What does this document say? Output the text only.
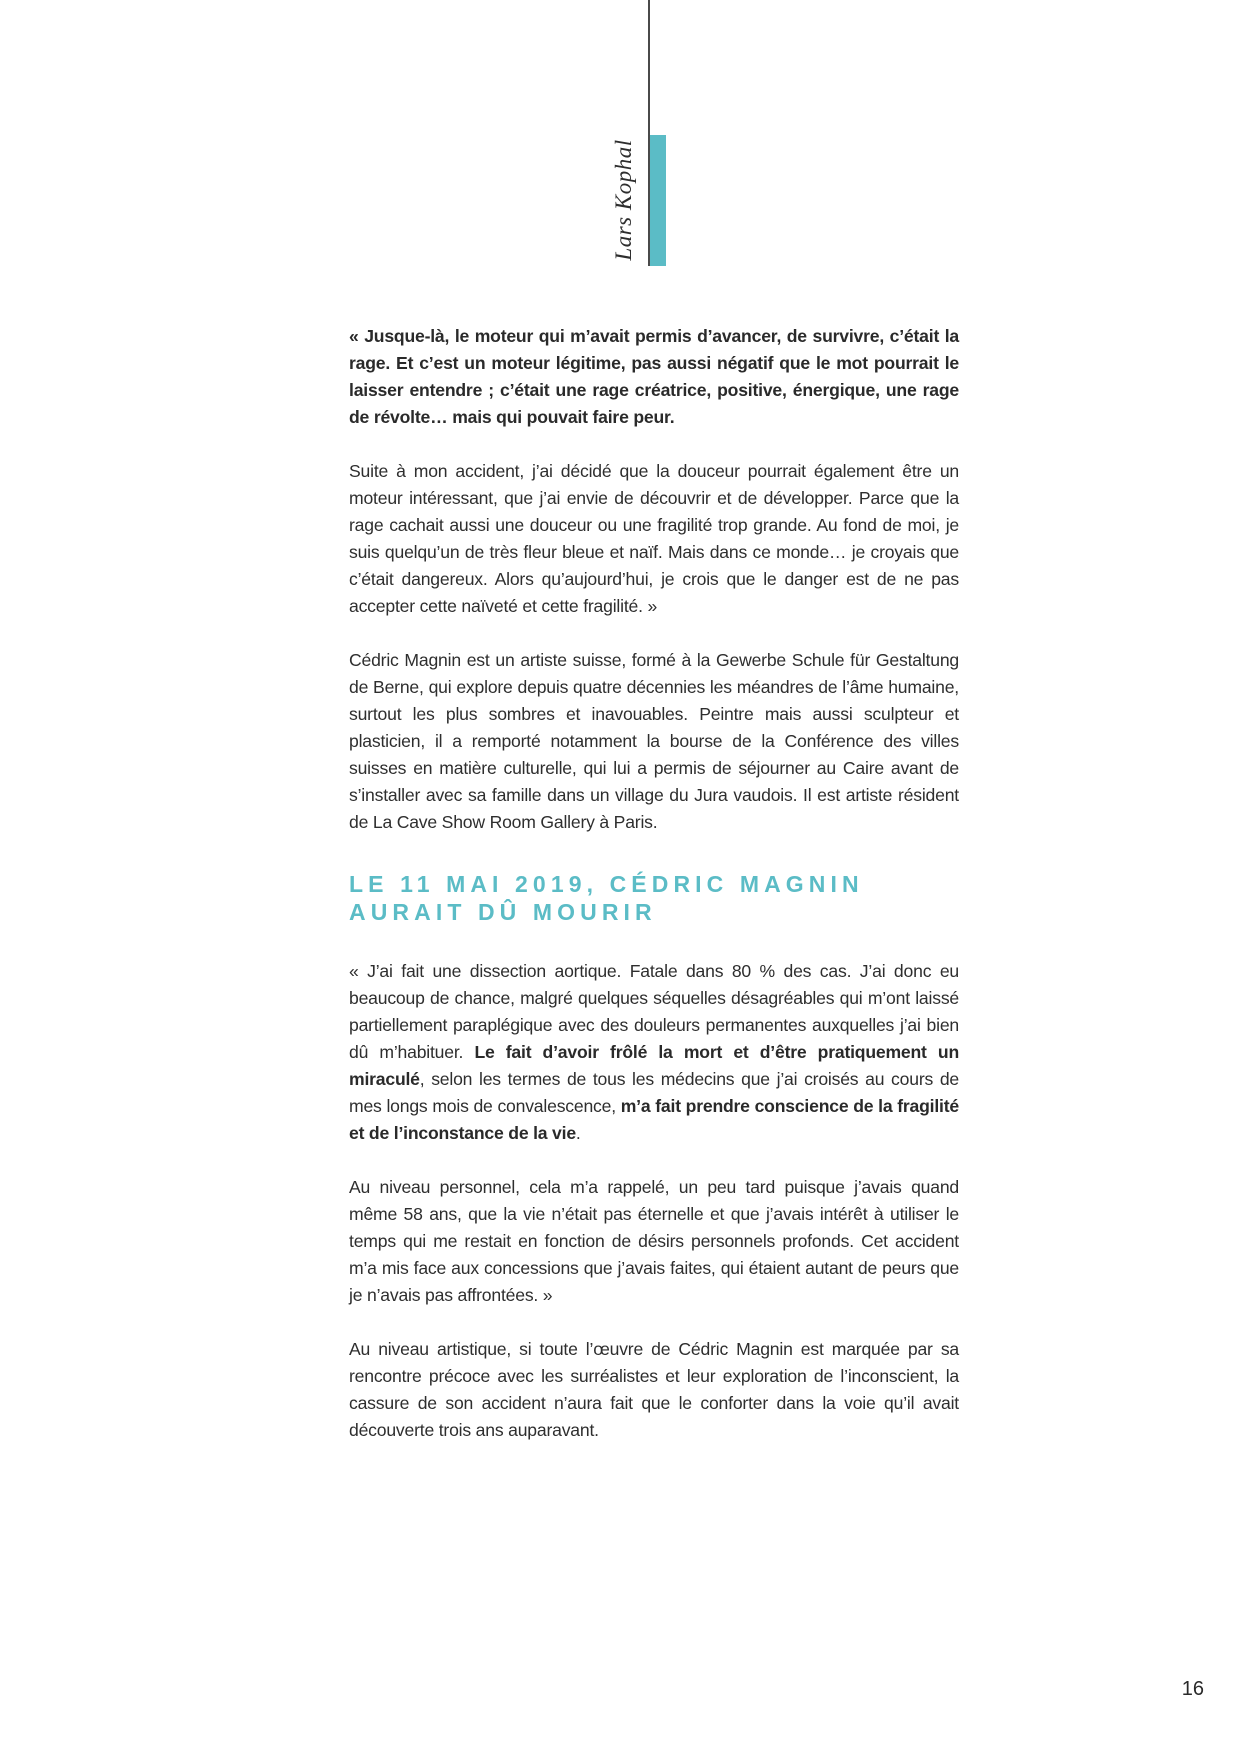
Lars Kophal

« Jusque-là, le moteur qui m’avait permis d’avancer, de survivre, c’était la rage. Et c’est un moteur légitime, pas aussi négatif que le mot pourrait le laisser entendre ; c’était une rage créatrice, positive, énergique, une rage de révolte… mais qui pouvait faire peur.

Suite à mon accident, j’ai décidé que la douceur pourrait également être un moteur intéressant, que j’ai envie de découvrir et de développer. Parce que la rage cachait aussi une douceur ou une fragilité trop grande. Au fond de moi, je suis quelqu’un de très fleur bleue et naïf. Mais dans ce monde… je croyais que c’était dangereux. Alors qu’aujourd’hui, je crois que le danger est de ne pas accepter cette naïveté et cette fragilité. »

Cédric Magnin est un artiste suisse, formé à la Gewerbe Schule für Gestaltung de Berne, qui explore depuis quatre décennies les méandres de l’âme humaine, surtout les plus sombres et inavouables. Peintre mais aussi sculpteur et plasticien, il a remporté notamment la bourse de la Conférence des villes suisses en matière culturelle, qui lui a permis de séjourner au Caire avant de s’installer avec sa famille dans un village du Jura vaudois. Il est artiste résident de La Cave Show Room Gallery à Paris.

LE 11 MAI 2019, CÉDRIC MAGNIN AURAIT DÛ MOURIR

« J’ai fait une dissection aortique. Fatale dans 80 % des cas. J’ai donc eu beaucoup de chance, malgré quelques séquelles désagréables qui m’ont laissé partiellement paraplégique avec des douleurs permanentes auxquelles j’ai bien dû m’habituer. Le fait d’avoir frôlé la mort et d’être pratiquement un miraculé, selon les termes de tous les médecins que j’ai croisés au cours de mes longs mois de convalescence, m’a fait prendre conscience de la fragilité et de l’inconstance de la vie.

Au niveau personnel, cela m’a rappelé, un peu tard puisque j’avais quand même 58 ans, que la vie n’était pas éternelle et que j’avais intérêt à utiliser le temps qui me restait en fonction de désirs personnels profonds. Cet accident m’a mis face aux concessions que j’avais faites, qui étaient autant de peurs que je n’avais pas affrontées. »

Au niveau artistique, si toute l’œuvre de Cédric Magnin est marquée par sa rencontre précoce avec les surréalistes et leur exploration de l’inconscient, la cassure de son accident n’aura fait que le conforter dans la voie qu’il avait découverte trois ans auparavant.

16
